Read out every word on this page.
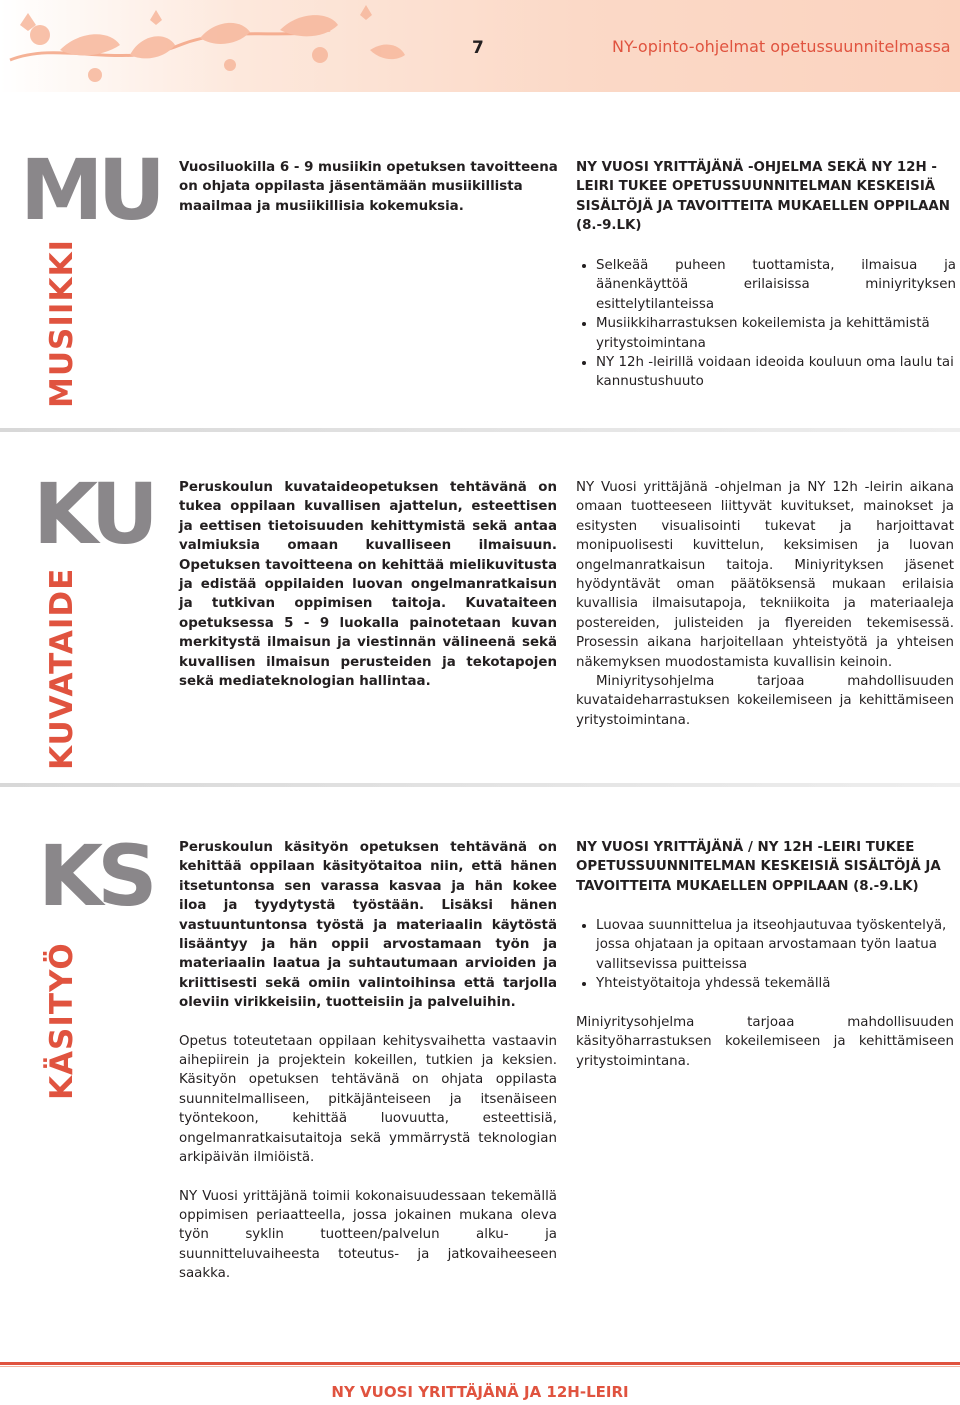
7	NY-opinto-ohjelmat opetussuunnitelmassa
MU
MUSIIKKI
Vuosiluokilla 6 - 9 musiikin opetuksen tavoitteena on ohjata oppilasta jäsentämään musiikillista maailmaa ja musiikillisia kokemuksia.
NY VUOSI YRITTÄJÄNÄ -OHJELMA SEKÄ NY 12H -LEIRI TUKEE OPETUSSUUNNITELMAN KESKEISIÄ SISÄLTÖJÄ JA TAVOITTEITA MUKAELLEN OPPILAAN (8.-9.LK)
• Selkeää puheen tuottamista, ilmaisua ja äänenkäyttöä erilaisissa miniyrityksen esittelytilanteissa
• Musiikkiharrastuksen kokeilemista ja kehittämistä yritystoimintana
• NY 12h -leirillä voidaan ideoida kouluun oma laulu tai kannustushuuto
KU
KUVATAIDE
Peruskoulun kuvataideopetuksen tehtävänä on tukea oppilaan kuvallisen ajattelun, esteettisen ja eettisen tietoisuuden kehittymistä sekä antaa valmiuksia omaan kuvalliseen ilmaisuun. Opetuksen tavoitteena on kehittää mielikuvitusta ja edistää oppilaiden luovan ongelmanratkaisun ja tutkivan oppimisen taitoja. Kuvataiteen opetuksessa 5 - 9 luokalla painotetaan kuvan merkitystä ilmaisun ja viestinnän välineenä sekä kuvallisen ilmaisun perusteiden ja tekotapojen sekä mediateknologian hallintaa.

NY Vuosi yrittäjänä -ohjelman ja NY 12h -leirin aikana omaan tuotteeseen liittyvät kuvitukset, mainokset ja esitysten visualisointi tukevat ja harjoittavat monipuolisesti kuvittelun, keksimisen ja luovan ongelmanratkaisun taitoja. Miniyrityksen jäsenet hyödyntävät oman päätöksensä mukaan erilaisia kuvallisia ilmaisutapoja, tekniikoita ja materiaaleja postereiden, julisteiden ja flyereiden tekemisessä. Prosessin aikana harjoitellaan yhteistyötä ja yhteisen näkemyksen muodostamista kuvallisin keinoin.

Miniyritysohjelma tarjoaa mahdollisuuden kuvataideharrastuksen kokeilemiseen ja kehittämiseen yritystoimintana.

KS
KÄSITYÖ

Peruskoulun käsityön opetuksen tehtävänä on kehittää oppilaan käsityötaitoa niin, että hänen itsetuntonsa sen varassa kasvaa ja hän kokee iloa ja tyydytystä työstään. Lisäksi hänen vastuuntuntonsa työstä ja materiaalin käytöstä lisääntyy ja hän oppii arvostamaan työn ja materiaalin laatua ja suhtautumaan arvioiden ja kriittisesti sekä omiin valintoihinsa että tarjolla oleviin virikkeisiin, tuotteisiin ja palveluihin.

Opetus toteutetaan oppilaan kehitysvaihetta vastaavin aihepiirein ja projektein kokeillen, tutkien ja keksien. Käsityön opetuksen tehtävänä on ohjata oppilasta suunnitelmalliseen, pitkäjänteiseen ja itsenäiseen työntekoon, kehittää luovuutta, esteettisiä, ongelmanratkaisutaitoja sekä ymmärrystä teknologian arkipäivän ilmiöistä.

NY Vuosi yrittäjänä toimii kokonaisuudessaan tekemällä oppimisen periaatteella, jossa jokainen mukana oleva työn syklin tuotteen/palvelun alku- ja suunnitteluvaiheesta toteutus- ja jatkovaiheeseen saakka.

NY VUOSI YRITTÄJÄNÄ / NY 12H -LEIRI TUKEE OPETUSSUUNNITELMAN KESKEISIÄ SISÄLTÖJÄ JA TAVOITTEITA MUKAELLEN OPPILAAN (8.-9.LK)
• Luovaa suunnittelua ja itseohjautuvaa työskentelyä, jossa ohjataan ja opitaan arvostamaan työn laatua vallitsevissa puitteissa
• Yhteistyötaitoja yhdessä tekemällä
Miniyritysohjelma tarjoaa mahdollisuuden käsityöharrastuksen kokeilemiseen ja kehittämiseen yritystoimintana.
NY VUOSI YRITTÄJÄNÄ JA 12H-LEIRI
